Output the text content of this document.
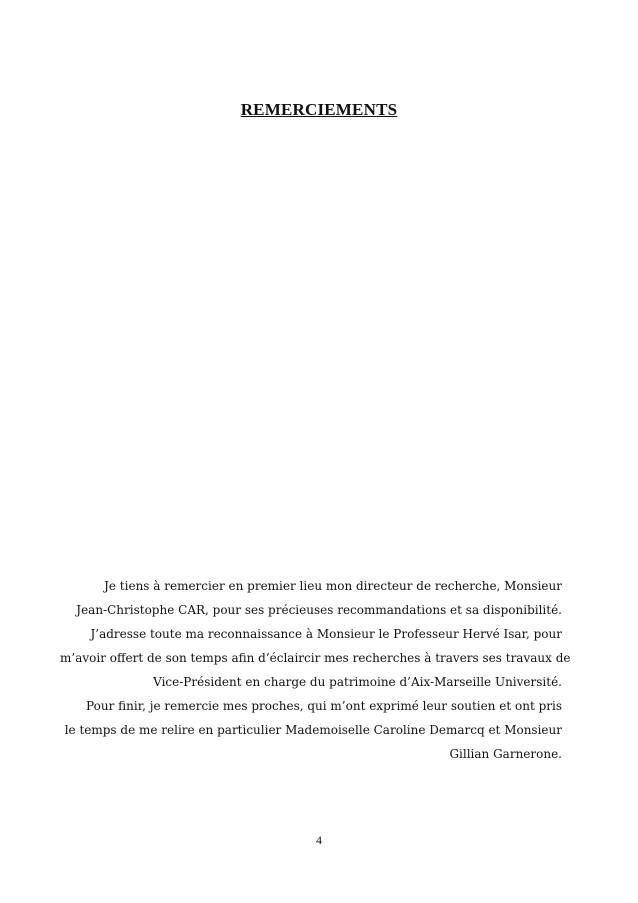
REMERCIEMENTS
Je tiens à remercier en premier lieu mon directeur de recherche, Monsieur
Jean-Christophe CAR, pour ses précieuses recommandations et sa disponibilité.
J’adresse toute ma reconnaissance à Monsieur le Professeur Hervé Isar, pour
m’avoir offert de son temps afin d’éclaircir mes recherches à travers ses travaux de
Vice-Président en charge du patrimoine d’Aix-Marseille Université.
Pour finir, je remercie mes proches, qui m’ont exprimé leur soutien et ont pris
le temps de me relire en particulier Mademoiselle Caroline Demarcq et Monsieur
Gillian Garnerone.
4
